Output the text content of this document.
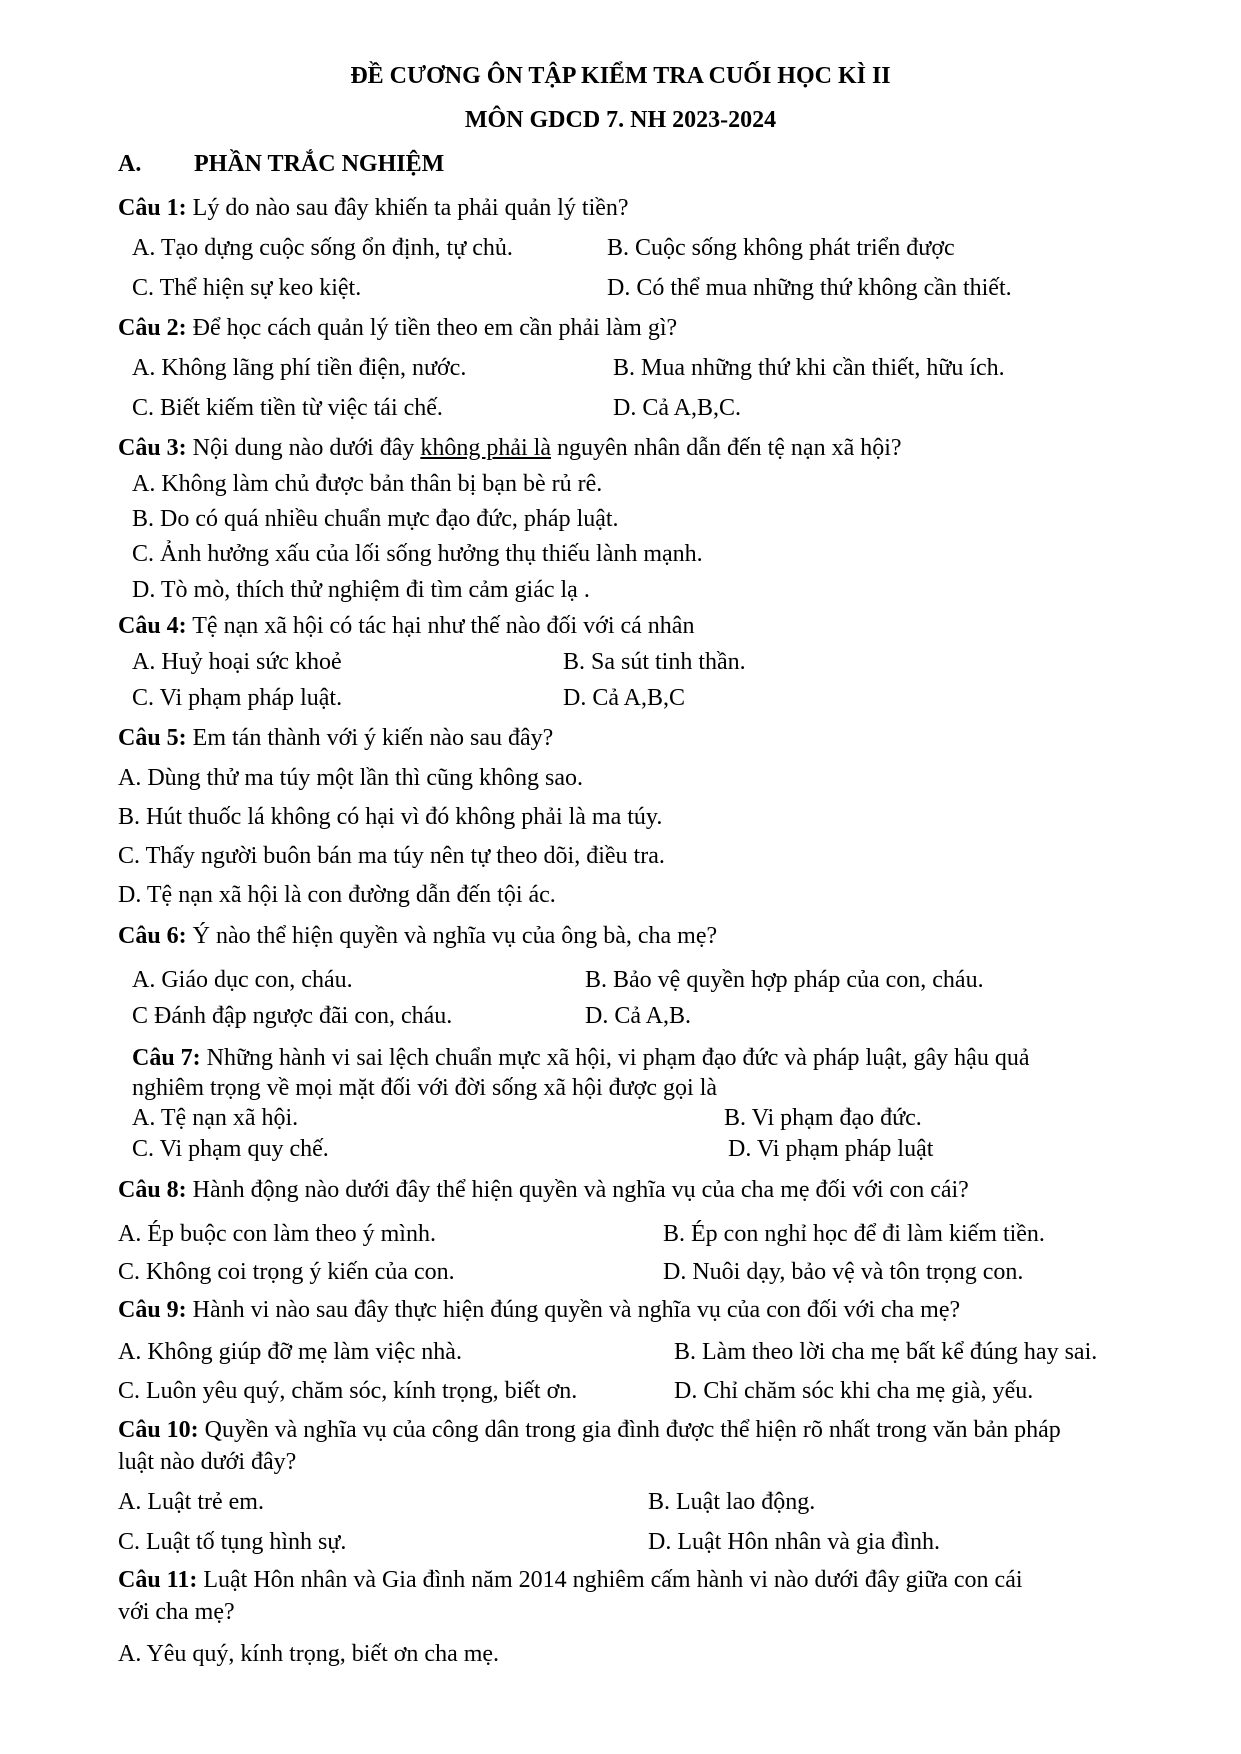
ĐỀ CƯƠNG ÔN TẬP KIỂM TRA CUỐI HỌC KÌ II
MÔN GDCD 7. NH 2023-2024
A. PHẦN TRẮC NGHIỆM
Câu 1: Lý do nào sau đây khiến ta phải quản lý tiền?
A. Tạo dựng cuộc sống ổn định, tự chủ.	B. Cuộc sống không phát triển được
C. Thể hiện sự keo kiệt.	D. Có thể mua những thứ không cần thiết.
Câu 2: Để học cách quản lý tiền theo em cần phải làm gì?
A. Không lãng phí tiền điện, nước.	B. Mua những thứ khi cần thiết, hữu ích.
C. Biết kiếm tiền từ việc tái chế.	D. Cả A,B,C.
Câu 3: Nội dung nào dưới đây không phải là nguyên nhân dẫn đến tệ nạn xã hội?
A. Không làm chủ được bản thân bị bạn bè rủ rê.
B. Do có quá nhiều chuẩn mực đạo đức, pháp luật.
C. Ảnh hưởng xấu của lối sống hưởng thụ thiếu lành mạnh.
D. Tò mò, thích thử nghiệm đi tìm cảm giác lạ .
Câu 4: Tệ nạn xã hội có tác hại như thế nào đối với cá nhân
A. Huỷ hoại sức khoẻ	B. Sa sút tinh thần.
C. Vi phạm pháp luật.	D. Cả A,B,C
Câu 5: Em tán thành với ý kiến nào sau đây?
A. Dùng thử ma túy một lần thì cũng không sao.
B. Hút thuốc lá không có hại vì đó không phải là ma túy.
C. Thấy người buôn bán ma túy nên tự theo dõi, điều tra.
D. Tệ nạn xã hội là con đường dẫn đến tội ác.
Câu 6: Ý nào thể hiện quyền và nghĩa vụ của ông bà, cha mẹ?
A. Giáo dục con, cháu.	B. Bảo vệ quyền hợp pháp của con, cháu.
C Đánh đập ngược đãi con, cháu.	D. Cả A,B.
Câu 7: Những hành vi sai lệch chuẩn mực xã hội, vi phạm đạo đức và pháp luật, gây hậu quả
nghiêm trọng về mọi mặt đối với đời sống xã hội được gọi là
A. Tệ nạn xã hội.	B. Vi phạm đạo đức.
C. Vi phạm quy chế.	D. Vi phạm pháp luật
Câu 8: Hành động nào dưới đây thể hiện quyền và nghĩa vụ của cha mẹ đối với con cái?
A. Ép buộc con làm theo ý mình.	B. Ép con nghỉ học để đi làm kiếm tiền.
C. Không coi trọng ý kiến của con.	D. Nuôi dạy, bảo vệ và tôn trọng con.
Câu 9: Hành vi nào sau đây thực hiện đúng quyền và nghĩa vụ của con đối với cha mẹ?
A. Không giúp đỡ mẹ làm việc nhà.	B. Làm theo lời cha mẹ bất kể đúng hay sai.
C. Luôn yêu quý, chăm sóc, kính trọng, biết ơn.	D. Chỉ chăm sóc khi cha mẹ già, yếu.
Câu 10: Quyền và nghĩa vụ của công dân trong gia đình được thể hiện rõ nhất trong văn bản pháp
luật nào dưới đây?
A. Luật trẻ em.	B. Luật lao động.
C. Luật tố tụng hình sự.	D. Luật Hôn nhân và gia đình.
Câu 11: Luật Hôn nhân và Gia đình năm 2014 nghiêm cấm hành vi nào dưới đây giữa con cái
với cha mẹ?
A. Yêu quý, kính trọng, biết ơn cha mẹ.
